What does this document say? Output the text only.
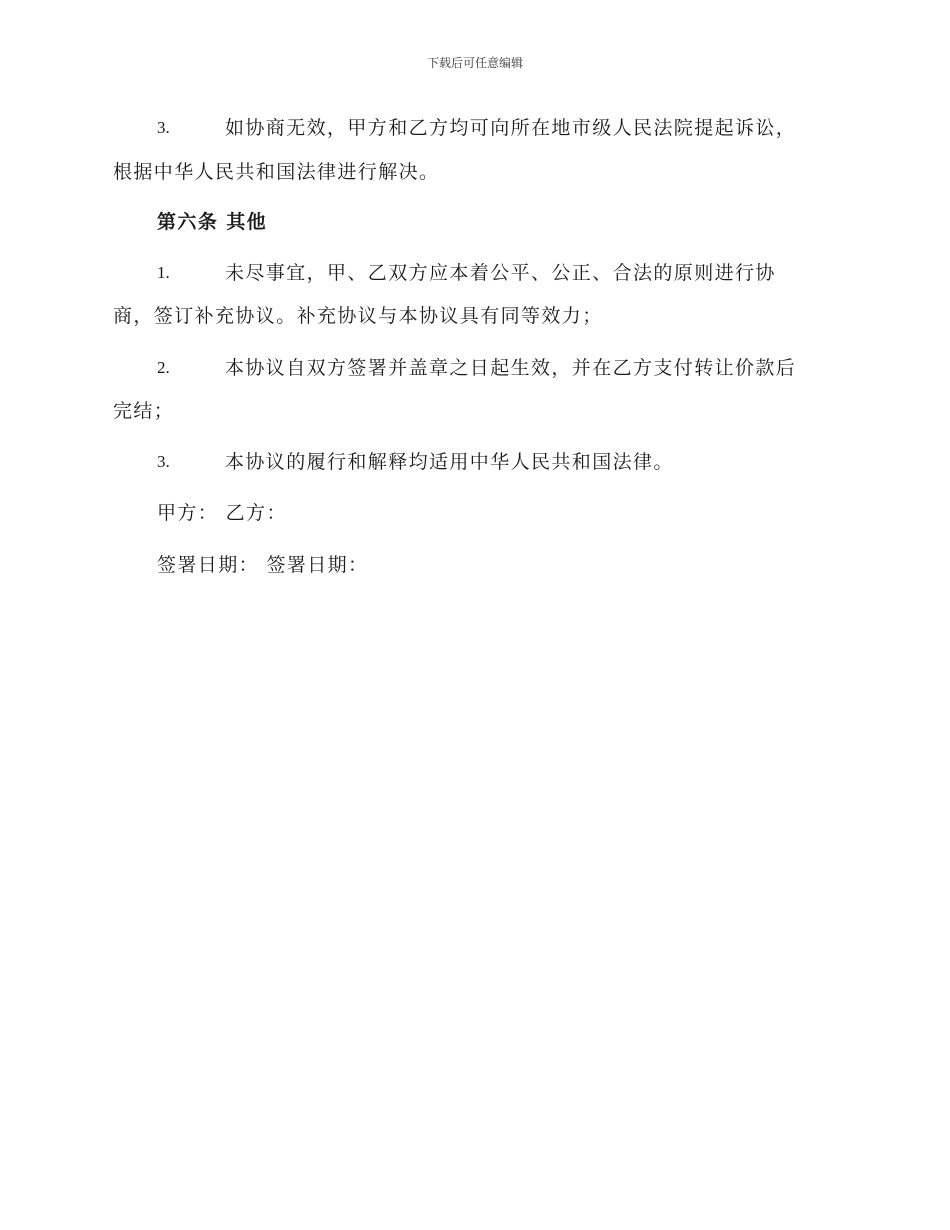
下载后可任意编辑
3.	如协商无效，甲方和乙方均可向所在地市级人民法院提起诉讼，
根据中华人民共和国法律进行解决。
第六条 其他
1.	未尽事宜，甲、乙双方应本着公平、公正、合法的原则进行协
商，签订补充协议。补充协议与本协议具有同等效力；
2.	本协议自双方签署并盖章之日起生效，并在乙方支付转让价款后
完结；
3.	本协议的履行和解释均适用中华人民共和国法律。
甲方： 乙方：
签署日期： 签署日期：
